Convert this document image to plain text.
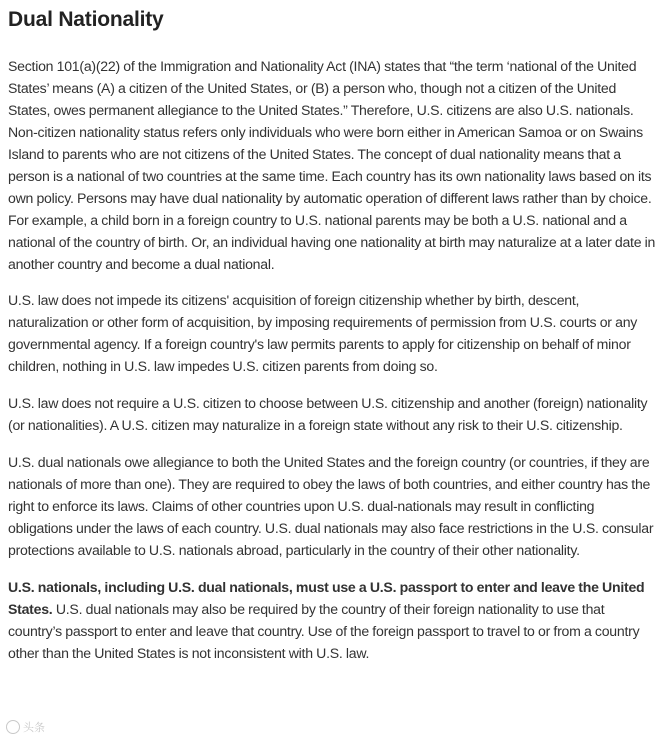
Dual Nationality

Section 101(a)(22) of the Immigration and Nationality Act (INA) states that “the term ‘national of the United States’ means (A) a citizen of the United States, or (B) a person who, though not a citizen of the United States, owes permanent allegiance to the United States.” Therefore, U.S. citizens are also U.S. nationals. Non-citizen nationality status refers only individuals who were born either in American Samoa or on Swains Island to parents who are not citizens of the United States. The concept of dual nationality means that a person is a national of two countries at the same time. Each country has its own nationality laws based on its own policy. Persons may have dual nationality by automatic operation of different laws rather than by choice. For example, a child born in a foreign country to U.S. national parents may be both a U.S. national and a national of the country of birth. Or, an individual having one nationality at birth may naturalize at a later date in another country and become a dual national.

U.S. law does not impede its citizens' acquisition of foreign citizenship whether by birth, descent, naturalization or other form of acquisition, by imposing requirements of permission from U.S. courts or any governmental agency. If a foreign country's law permits parents to apply for citizenship on behalf of minor children, nothing in U.S. law impedes U.S. citizen parents from doing so.

U.S. law does not require a U.S. citizen to choose between U.S. citizenship and another (foreign) nationality (or nationalities). A U.S. citizen may naturalize in a foreign state without any risk to their U.S. citizenship.

U.S. dual nationals owe allegiance to both the United States and the foreign country (or countries, if they are nationals of more than one). They are required to obey the laws of both countries, and either country has the right to enforce its laws. Claims of other countries upon U.S. dual-nationals may result in conflicting obligations under the laws of each country. U.S. dual nationals may also face restrictions in the U.S. consular protections available to U.S. nationals abroad, particularly in the country of their other nationality.

U.S. nationals, including U.S. dual nationals, must use a U.S. passport to enter and leave the United States. U.S. dual nationals may also be required by the country of their foreign nationality to use that country’s passport to enter and leave that country. Use of the foreign passport to travel to or from a country other than the United States is not inconsistent with U.S. law.

头条
